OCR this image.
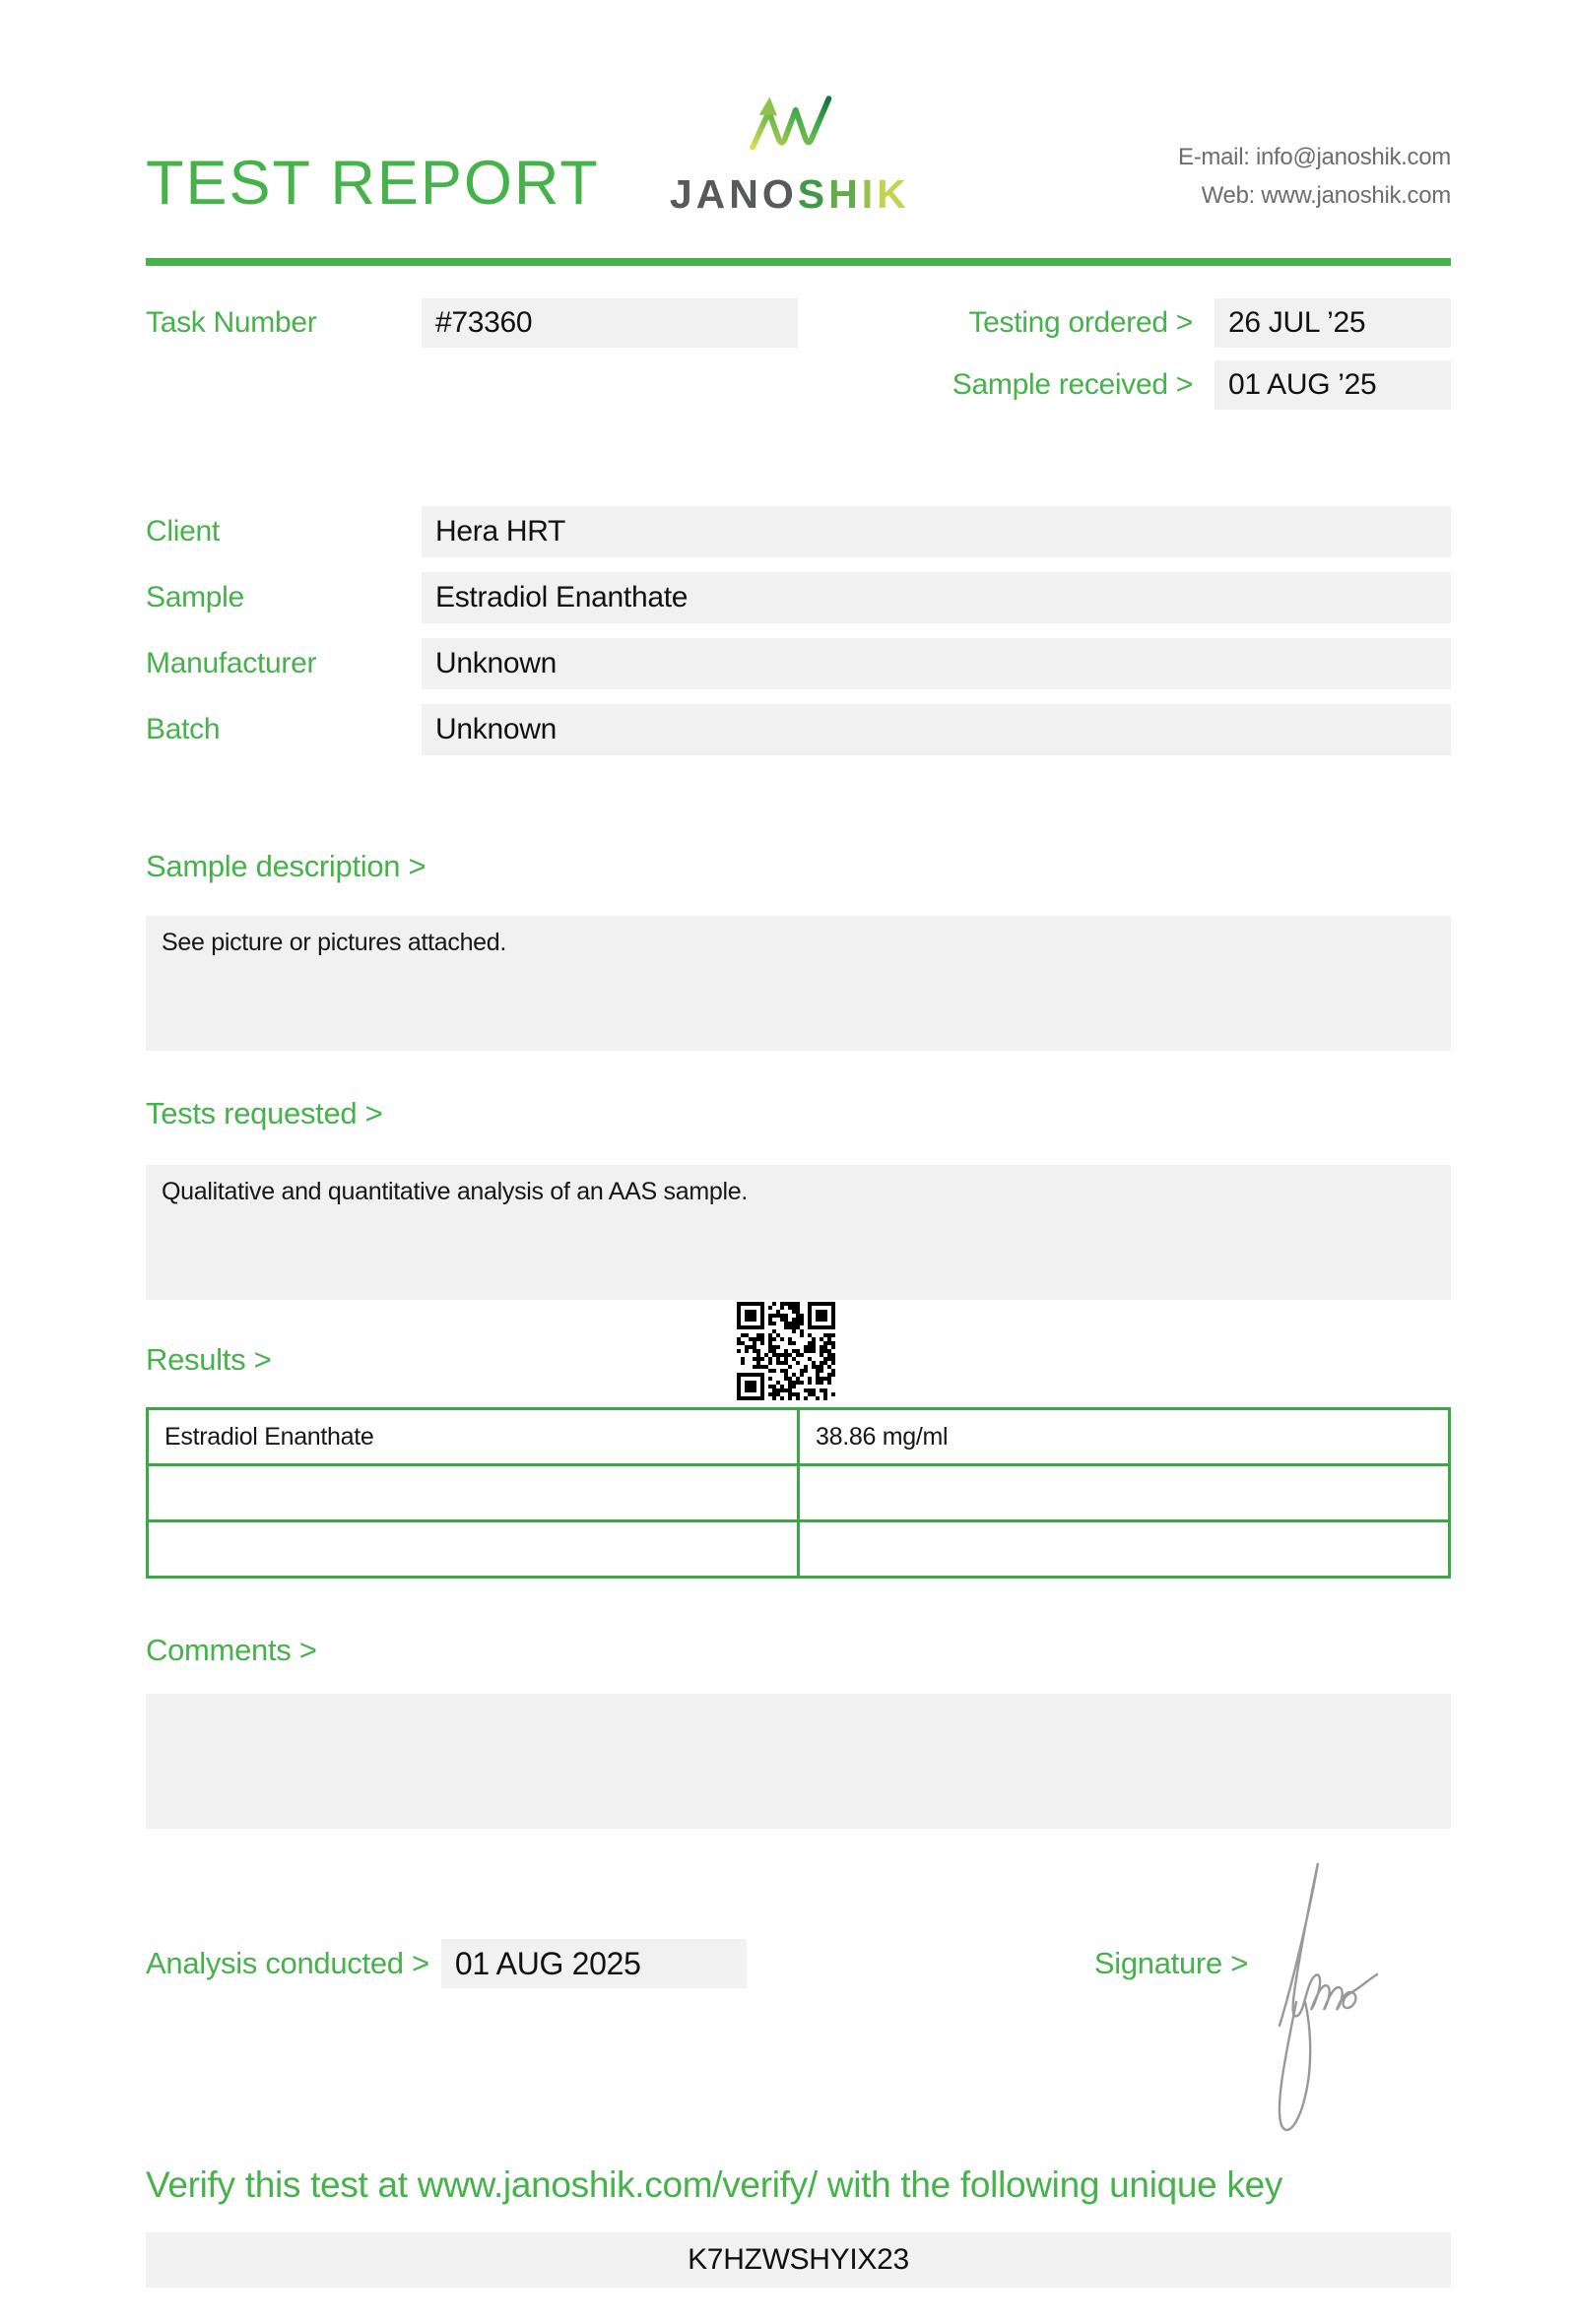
TEST REPORT JANOSHIK
E-mail: info@janoshik.com
Web: www.janoshik.com
Task Number	#73360	Testing ordered >	26 JUL ’25
Sample received >	01 AUG ’25
Client	Hera HRT
Sample	Estradiol Enanthate
Manufacturer	Unknown
Batch	Unknown
Sample description >
See picture or pictures attached.
Tests requested >
Qualitative and quantitative analysis of an AAS sample.
Results >
Estradiol Enanthate	38.86 mg/ml

Comments >
Analysis conducted > 01 AUG 2025	Signature >
Verify this test at www.janoshik.com/verify/ with the following unique key
K7HZWSHYIX23
